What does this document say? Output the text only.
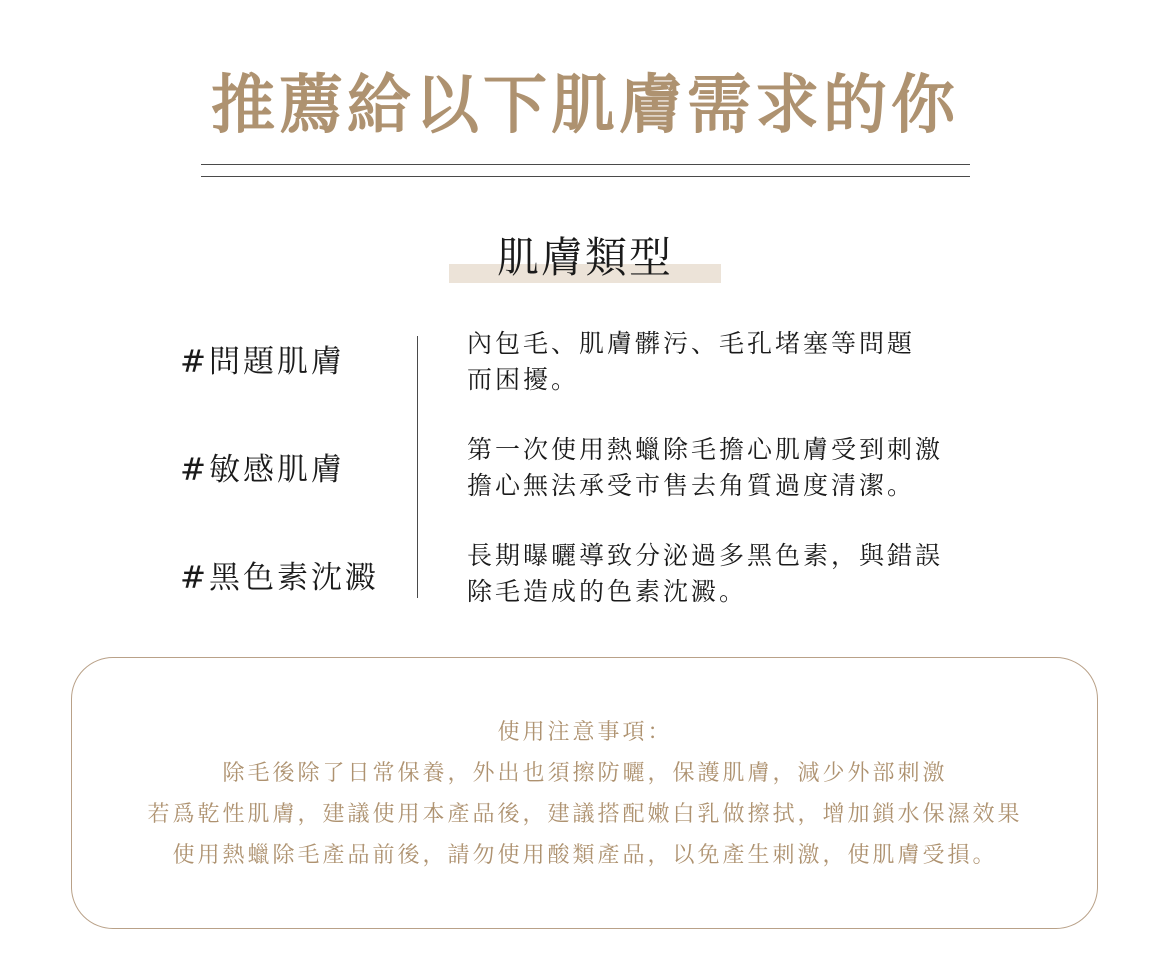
推薦給以下肌膚需求的你
肌膚類型
#問題肌膚
#敏感肌膚
#黑色素沈澱
內包毛、肌膚髒污、毛孔堵塞等問題
而困擾。
第一次使用熱蠟除毛擔心肌膚受到刺激
擔心無法承受市售去角質過度清潔。
長期曝曬導致分泌過多黑色素，與錯誤
除毛造成的色素沈澱。
使用注意事項：
除毛後除了日常保養，外出也須擦防曬，保護肌膚，減少外部刺激
若爲乾性肌膚，建議使用本產品後，建議搭配嫩白乳做擦拭，增加鎖水保濕效果
使用熱蠟除毛產品前後，請勿使用酸類產品，以免產生刺激，使肌膚受損。
